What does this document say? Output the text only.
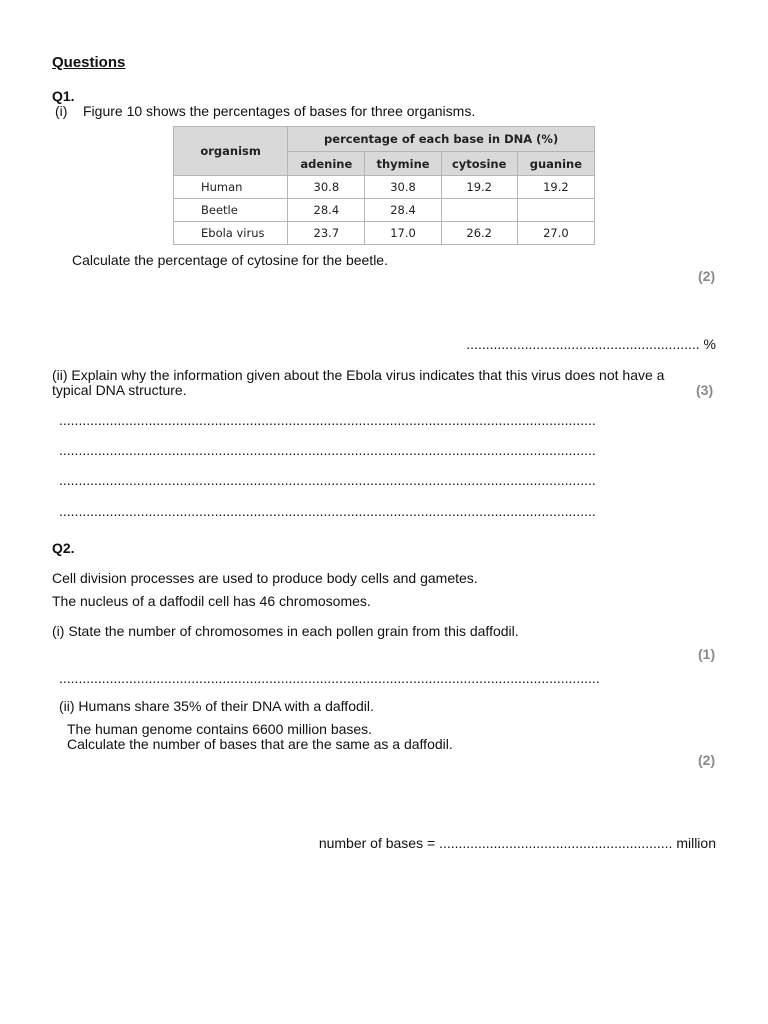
Questions
Q1.
(i) Figure 10 shows the percentages of bases for three organisms.
organism	percentage of each base in DNA (%)			
	adenine	thymine	cytosine	guanine
Human	30.8	30.8	19.2	19.2
Beetle	28.4	28.4		
Ebola virus	23.7	17.0	26.2	27.0
Calculate the percentage of cytosine for the beetle.
(2)
............................................................ %
(ii) Explain why the information given about the Ebola virus indicates that this virus does not have a
typical DNA structure.	(3)
..........................................................................................................................................
..........................................................................................................................................
..........................................................................................................................................
..........................................................................................................................................
Q2.
Cell division processes are used to produce body cells and gametes.
The nucleus of a daffodil cell has 46 chromosomes.
(i) State the number of chromosomes in each pollen grain from this daffodil.
(1)
...........................................................................................................................................
(ii) Humans share 35% of their DNA with a daffodil.
The human genome contains 6600 million bases.
Calculate the number of bases that are the same as a daffodil.
(2)
number of bases = ............................................................ million
